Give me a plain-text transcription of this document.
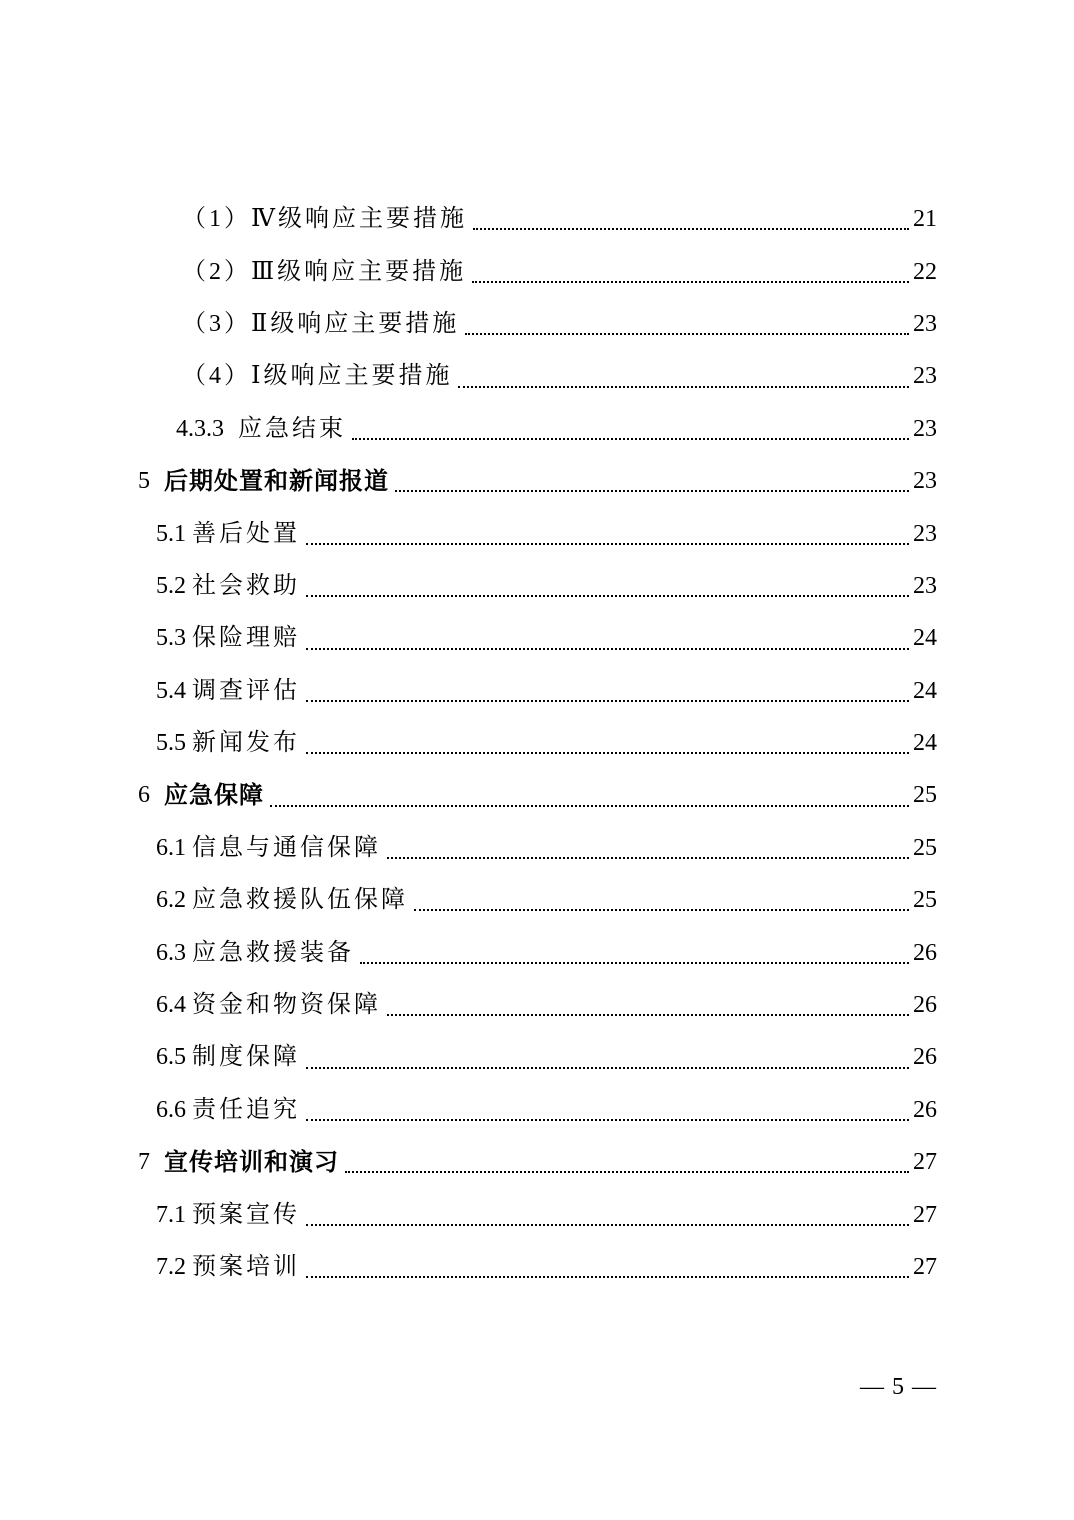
（1） Ⅳ级响应主要措施	21
（2） Ⅲ级响应主要措施	22
（3） Ⅱ级响应主要措施	23
（4） Ⅰ级响应主要措施	23
4.3.3 应急结束	23
5 后期处置和新闻报道	23
5.1 善后处置	23
5.2 社会救助	23
5.3 保险理赔	24
5.4 调查评估	24
5.5 新闻发布	24
6 应急保障	25
6.1 信息与通信保障	25
6.2 应急救援队伍保障	25
6.3 应急救援装备	26
6.4 资金和物资保障	26
6.5 制度保障	26
6.6 责任追究	26
7 宣传培训和演习	27
7.1 预案宣传	27
7.2 预案培训	27
— 5 —
